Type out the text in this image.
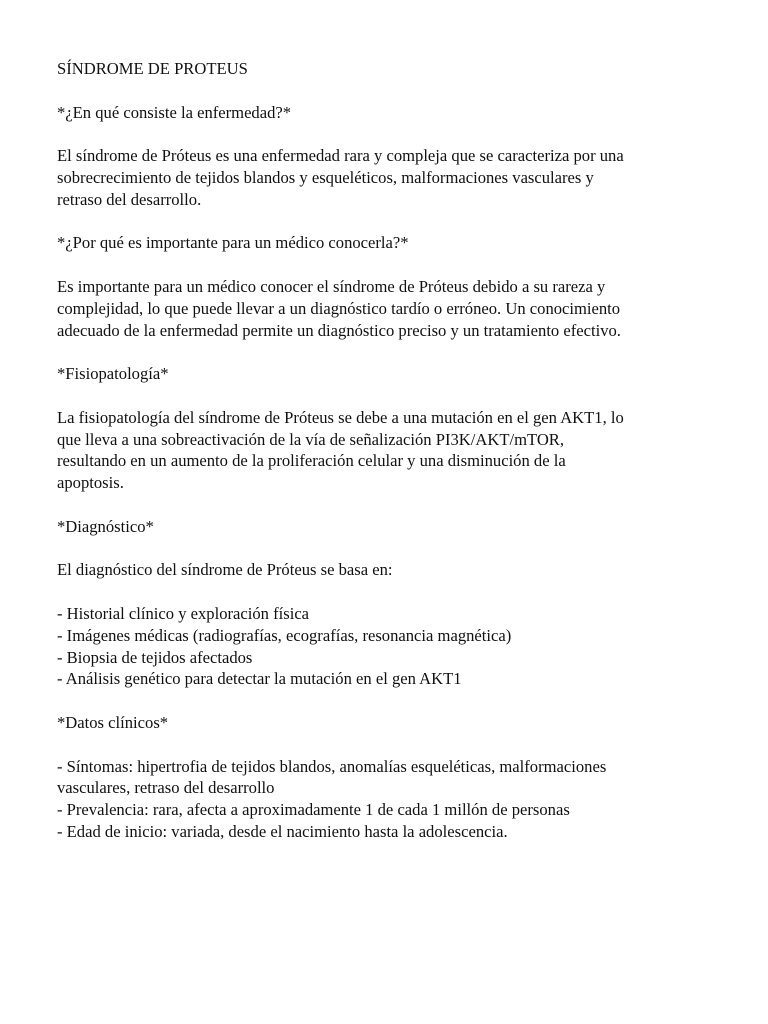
SÍNDROME DE PROTEUS

*¿En qué consiste la enfermedad?*

El síndrome de Próteus es una enfermedad rara y compleja que se caracteriza por una
sobrecrecimiento de tejidos blandos y esqueléticos, malformaciones vasculares y
retraso del desarrollo.

*¿Por qué es importante para un médico conocerla?*

Es importante para un médico conocer el síndrome de Próteus debido a su rareza y
complejidad, lo que puede llevar a un diagnóstico tardío o erróneo. Un conocimiento
adecuado de la enfermedad permite un diagnóstico preciso y un tratamiento efectivo.

*Fisiopatología*

La fisiopatología del síndrome de Próteus se debe a una mutación en el gen AKT1, lo
que lleva a una sobreactivación de la vía de señalización PI3K/AKT/mTOR,
resultando en un aumento de la proliferación celular y una disminución de la
apoptosis.

*Diagnóstico*

El diagnóstico del síndrome de Próteus se basa en:

- Historial clínico y exploración física
- Imágenes médicas (radiografías, ecografías, resonancia magnética)
- Biopsia de tejidos afectados
- Análisis genético para detectar la mutación en el gen AKT1

*Datos clínicos*

- Síntomas: hipertrofia de tejidos blandos, anomalías esqueléticas, malformaciones
vasculares, retraso del desarrollo
- Prevalencia: rara, afecta a aproximadamente 1 de cada 1 millón de personas
- Edad de inicio: variada, desde el nacimiento hasta la adolescencia.
